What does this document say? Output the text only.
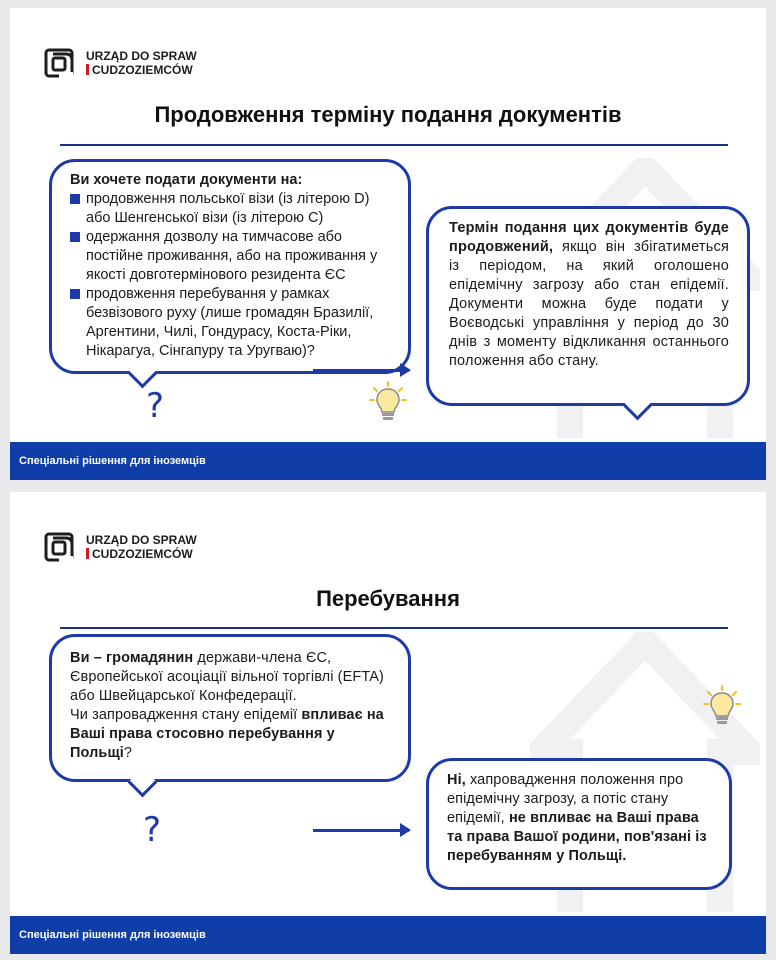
URZĄD DO SPRAW
CUDZOZIEMCÓW
Продовження терміну подання документів
Ви хочете подати документи на:
продовження польської візи (із літерою D) або Шенгенської візи (із літерою C)
одержання дозволу на тимчасове або постійне проживання, або на проживання у якості довготермінового резидента ЄС
продовження перебування у рамках безвізового руху (лише громадян Бразилії, Аргентини, Чилі, Гондурасу, Коста-Ріки, Нікарагуа, Сінгапуру та Уругваю)?
?
Термін подання цих документів буде продовжений, якщо він збігатиметься із періодом, на який оголошено епідемічну загрозу або стан епідемії. Документи можна буде подати у Воєводські управління у період до 30 днів з моменту відкликання останнього положення або стану.
Спеціальні рішення для іноземців
URZĄD DO SPRAW
CUDZOZIEMCÓW
Перебування
Ви – громадянин держави-члена ЄС, Європейської асоціації вільної торгівлі (EFTA) або Швейцарської Конфедерації.
Чи запровадження стану епідемії впливає на Ваші права стосовно перебування у Польщі?
?
Ні, хапровадження положення про епідемічну загрозу, а потіс стану епідемії, не впливає на Ваші права та права Вашої родини, пов'язані із перебуванням у Польщі.
Спеціальні рішення для іноземців
